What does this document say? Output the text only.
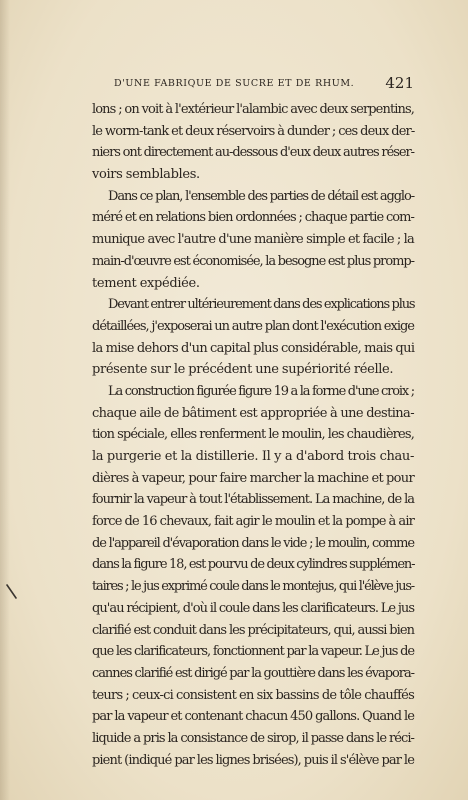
D'UNE FABRIQUE DE SUCRE ET DE RHUM. 421
lons ; on voit à l'extérieur l'alambic avec deux serpentins,
le worm-tank et deux réservoirs à dunder ; ces deux der-
niers ont directement au-dessous d'eux deux autres réser-
voirs semblables.
Dans ce plan, l'ensemble des parties de détail est agglo-
méré et en relations bien ordonnées ; chaque partie com-
munique avec l'autre d'une manière simple et facile ; la
main-d'œuvre est économisée, la besogne est plus promp-
tement expédiée.
Devant entrer ultérieurement dans des explications plus
détaillées, j'exposerai un autre plan dont l'exécution exige
la mise dehors d'un capital plus considérable, mais qui
présente sur le précédent une supériorité réelle.
La construction figurée figure 19 a la forme d'une croix ;
chaque aile de bâtiment est appropriée à une destina-
tion spéciale, elles renferment le moulin, les chaudières,
la purgerie et la distillerie. Il y a d'abord trois chau-
dières à vapeur, pour faire marcher la machine et pour
fournir la vapeur à tout l'établissement. La machine, de la
force de 16 chevaux, fait agir le moulin et la pompe à air
de l'appareil d'évaporation dans le vide ; le moulin, comme
dans la figure 18, est pourvu de deux cylindres supplémen-
taires ; le jus exprimé coule dans le montejus, qui l'élève jus-
qu'au récipient, d'où il coule dans les clarificateurs. Le jus
clarifié est conduit dans les précipitateurs, qui, aussi bien
que les clarificateurs, fonctionnent par la vapeur. Le jus de
cannes clarifié est dirigé par la gouttière dans les évapora-
teurs ; ceux-ci consistent en six bassins de tôle chauffés
par la vapeur et contenant chacun 450 gallons. Quand le
liquide a pris la consistance de sirop, il passe dans le réci-
pient (indiqué par les lignes brisées), puis il s'élève par le
